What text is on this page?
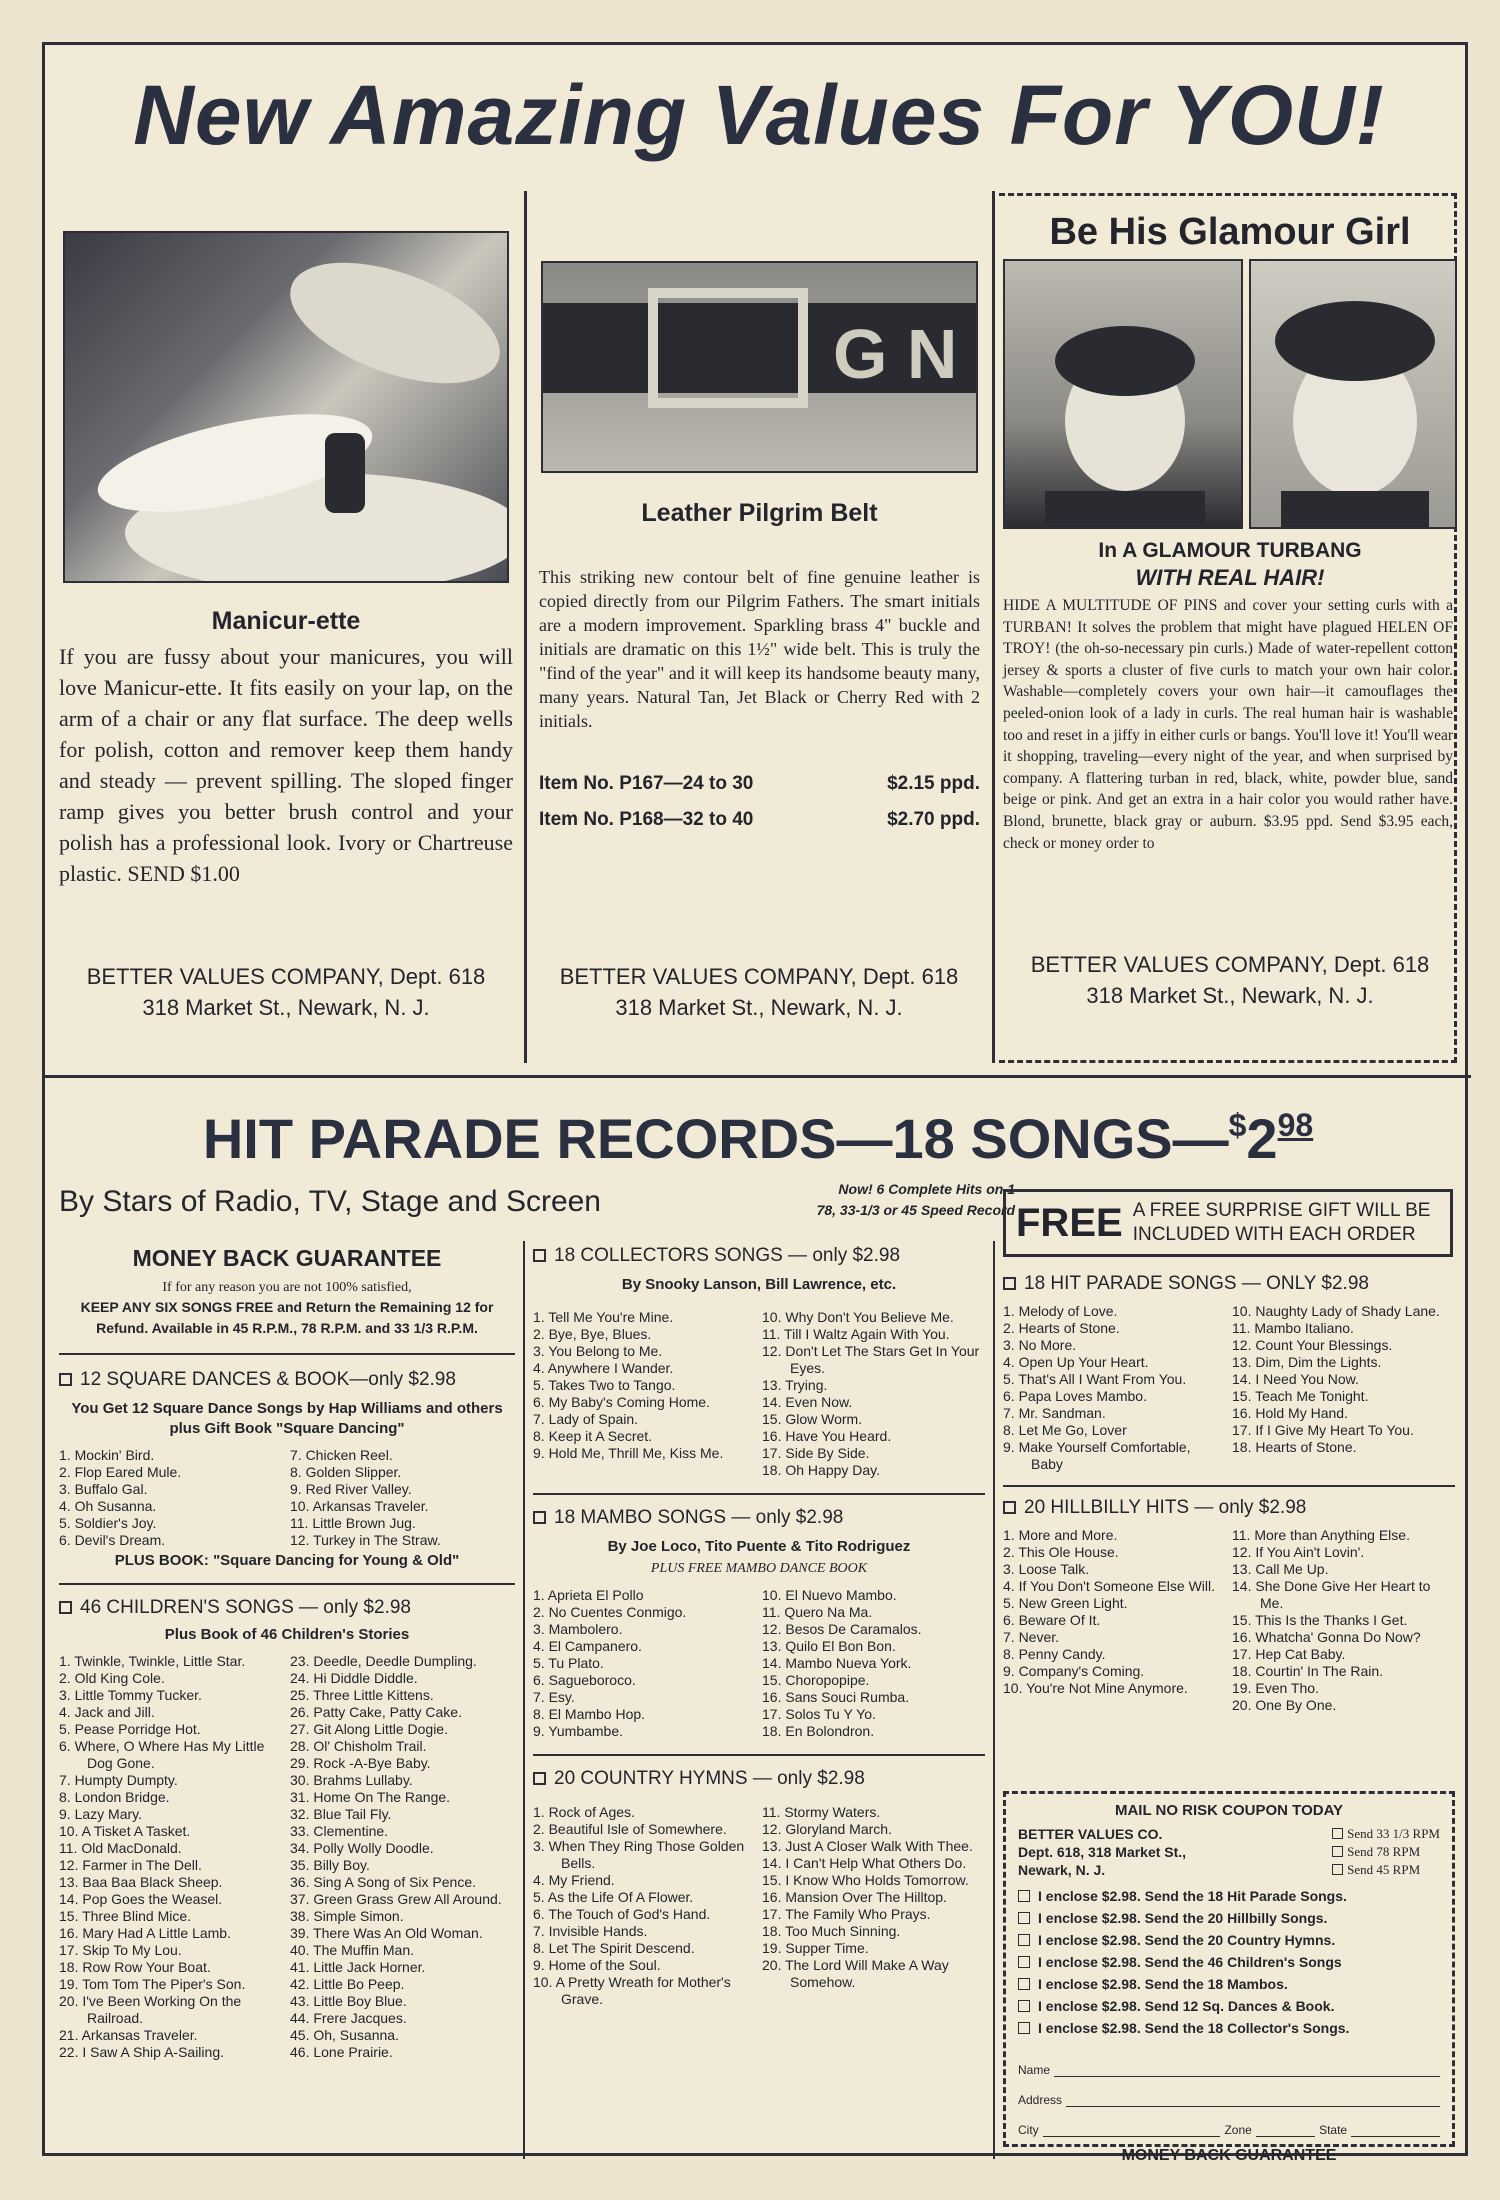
New Amazing Values For YOU!
Manicur-ette
If you are fussy about your manicures, you will love Manicur-ette. It fits easily on your lap, on the arm of a chair or any flat surface. The deep wells for polish, cotton and remover keep them handy and steady — prevent spilling. The sloped finger ramp gives you better brush control and your polish has a professional look. Ivory or Chartreuse plastic. SEND $1.00
BETTER VALUES COMPANY, Dept. 618
318 Market St., Newark, N. J.
G N
Leather Pilgrim Belt
This striking new contour belt of fine genuine leather is copied directly from our Pilgrim Fathers. The smart initials are a modern improvement. Sparkling brass 4" buckle and initials are dramatic on this 1½" wide belt. This is truly the "find of the year" and it will keep its handsome beauty many, many years. Natural Tan, Jet Black or Cherry Red with 2 initials.
Item No. P167—24 to 30	$2.15 ppd.
Item No. P168—32 to 40	$2.70 ppd.
BETTER VALUES COMPANY, Dept. 618
318 Market St., Newark, N. J.
Be His Glamour Girl
In A GLAMOUR TURBANG
WITH REAL HAIR!
HIDE A MULTITUDE OF PINS and cover your setting curls with a TURBAN! It solves the problem that might have plagued HELEN OF TROY! (the oh-so-necessary pin curls.) Made of water-repellent cotton jersey & sports a cluster of five curls to match your own hair color. Washable—completely covers your own hair—it camouflages the peeled-onion look of a lady in curls. The real human hair is washable too and reset in a jiffy in either curls or bangs. You'll love it! You'll wear it shopping, traveling—every night of the year, and when surprised by company. A flattering turban in red, black, white, powder blue, sand beige or pink. And get an extra in a hair color you would rather have. Blond, brunette, black gray or auburn. $3.95 ppd. Send $3.95 each, check or money order to
BETTER VALUES COMPANY, Dept. 618
318 Market St., Newark, N. J.
HIT PARADE RECORDS—18 $SONGS—^{\$}2^{98}$
By Stars of Radio, TV, Stage and Screen	Now! 6 Complete Hits on 1
78, 33-1/3 or 45 Speed Record FREE A FREE SURPRISE GIFT WILL BE
INCLUDED WITH EACH ORDER
MONEY BACK GUARANTEE
If for any reason you are not 100% satisfied,
KEEP ANY SIX SONGS FREE and Return the Remaining 12 for Refund. Available in 45 R.P.M., 78 R.P.M. and 33 1/3 R.P.M.
12 SQUARE DANCES & BOOK—only $2.98
You Get 12 Square Dance Songs by Hap Williams and others plus Gift Book "Square Dancing"
1. Mockin' Bird.
2. Flop Eared Mule.
3. Buffalo Gal.
4. Oh Susanna.
5. Soldier's Joy.
6. Devil's Dream.
7. Chicken Reel.
8. Golden Slipper.
9. Red River Valley.
10. Arkansas Traveler.
11. Little Brown Jug.
12. Turkey in The Straw.
PLUS BOOK: "Square Dancing for Young & Old"
46 CHILDREN'S SONGS — only $2.98
Plus Book of 46 Children's Stories
1. Twinkle, Twinkle, Little Star.
2. Old King Cole.
3. Little Tommy Tucker.
4. Jack and Jill.
5. Pease Porridge Hot.
6. Where, O Where Has My Little Dog Gone.
7. Humpty Dumpty.
8. London Bridge.
9. Lazy Mary.
10. A Tisket A Tasket.
11. Old MacDonald.
12. Farmer in The Dell.
13. Baa Baa Black Sheep.
14. Pop Goes the Weasel.
15. Three Blind Mice.
16. Mary Had A Little Lamb.
17. Skip To My Lou.
18. Row Row Your Boat.
19. Tom Tom The Piper's Son.
20. I've Been Working On the Railroad.
21. Arkansas Traveler.
22. I Saw A Ship A-Sailing.
23. Deedle, Deedle Dumpling.
24. Hi Diddle Diddle.
25. Three Little Kittens.
26. Patty Cake, Patty Cake.
27. Git Along Little Dogie.
28. Ol' Chisholm Trail.
29. Rock -A-Bye Baby.
30. Brahms Lullaby.
31. Home On The Range.
32. Blue Tail Fly.
33. Clementine.
34. Polly Wolly Doodle.
35. Billy Boy.
36. Sing A Song of Six Pence.
37. Green Grass Grew All Around.
38. Simple Simon.
39. There Was An Old Woman.
40. The Muffin Man.
41. Little Jack Horner.
42. Little Bo Peep.
43. Little Boy Blue.
44. Frere Jacques.
45. Oh, Susanna.
46. Lone Prairie.
18 COLLECTORS SONGS — only $2.98
By Snooky Lanson, Bill Lawrence, etc.
1. Tell Me You're Mine.
2. Bye, Bye, Blues.
3. You Belong to Me.
4. Anywhere I Wander.
5. Takes Two to Tango.
6. My Baby's Coming Home.
7. Lady of Spain.
8. Keep it A Secret.
9. Hold Me, Thrill Me, Kiss Me.
10. Why Don't You Believe Me.
11. Till I Waltz Again With You.
12. Don't Let The Stars Get In Your Eyes.
13. Trying.
14. Even Now.
15. Glow Worm.
16. Have You Heard.
17. Side By Side.
18. Oh Happy Day.
18 MAMBO SONGS — only $2.98
By Joe Loco, Tito Puente & Tito Rodriguez
PLUS FREE MAMBO DANCE BOOK
1. Aprieta El Pollo
2. No Cuentes Conmigo.
3. Mambolero.
4. El Campanero.
5. Tu Plato.
6. Sagueboroco.
7. Esy.
8. El Mambo Hop.
9. Yumbambe.
10. El Nuevo Mambo.
11. Quero Na Ma.
12. Besos De Caramalos.
13. Quilo El Bon Bon.
14. Mambo Nueva York.
15. Choropopipe.
16. Sans Souci Rumba.
17. Solos Tu Y Yo.
18. En Bolondron.
20 COUNTRY HYMNS — only $2.98
1. Rock of Ages.
2. Beautiful Isle of Somewhere.
3. When They Ring Those Golden Bells.
4. My Friend.
5. As the Life Of A Flower.
6. The Touch of God's Hand.
7. Invisible Hands.
8. Let The Spirit Descend.
9. Home of the Soul.
10. A Pretty Wreath for Mother's Grave.
11. Stormy Waters.
12. Gloryland March.
13. Just A Closer Walk With Thee.
14. I Can't Help What Others Do.
15. I Know Who Holds Tomorrow.
16. Mansion Over The Hilltop.
17. The Family Who Prays.
18. Too Much Sinning.
19. Supper Time.
20. The Lord Will Make A Way Somehow.
18 HIT PARADE SONGS — ONLY $2.98
1. Melody of Love.
2. Hearts of Stone.
3. No More.
4. Open Up Your Heart.
5. That's All I Want From You.
6. Papa Loves Mambo.
7. Mr. Sandman.
8. Let Me Go, Lover
9. Make Yourself Comfortable, Baby
10. Naughty Lady of Shady Lane.
11. Mambo Italiano.
12. Count Your Blessings.
13. Dim, Dim the Lights.
14. I Need You Now.
15. Teach Me Tonight.
16. Hold My Hand.
17. If I Give My Heart To You.
18. Hearts of Stone.
20 HILLBILLY HITS — only $2.98
1. More and More.
2. This Ole House.
3. Loose Talk.
4. If You Don't Someone Else Will.
5. New Green Light.
6. Beware Of It.
7. Never.
8. Penny Candy.
9. Company's Coming.
10. You're Not Mine Anymore.
11. More than Anything Else.
12. If You Ain't Lovin'.
13. Call Me Up.
14. She Done Give Her Heart to Me.
15. This Is the Thanks I Get.
16. Whatcha' Gonna Do Now?
17. Hep Cat Baby.
18. Courtin' In The Rain.
19. Even Tho.
20. One By One.
MAIL NO RISK COUPON TODAY
BETTER VALUES CO.
Dept. 618, 318 Market St.,
Newark, N. J.
Send 33 1/3 RPM
Send 78 RPM
Send 45 RPM
I enclose $2.98. Send the 18 Hit Parade Songs.
I enclose $2.98. Send the 20 Hillbilly Songs.
I enclose $2.98. Send the 20 Country Hymns.
I enclose $2.98. Send the 46 Children's Songs
I enclose $2.98. Send the 18 Mambos.
I enclose $2.98. Send 12 Sq. Dances & Book.
I enclose $2.98. Send the 18 Collector's Songs.
Name
Address
City	Zone	State
MONEY BACK GUARANTEE
